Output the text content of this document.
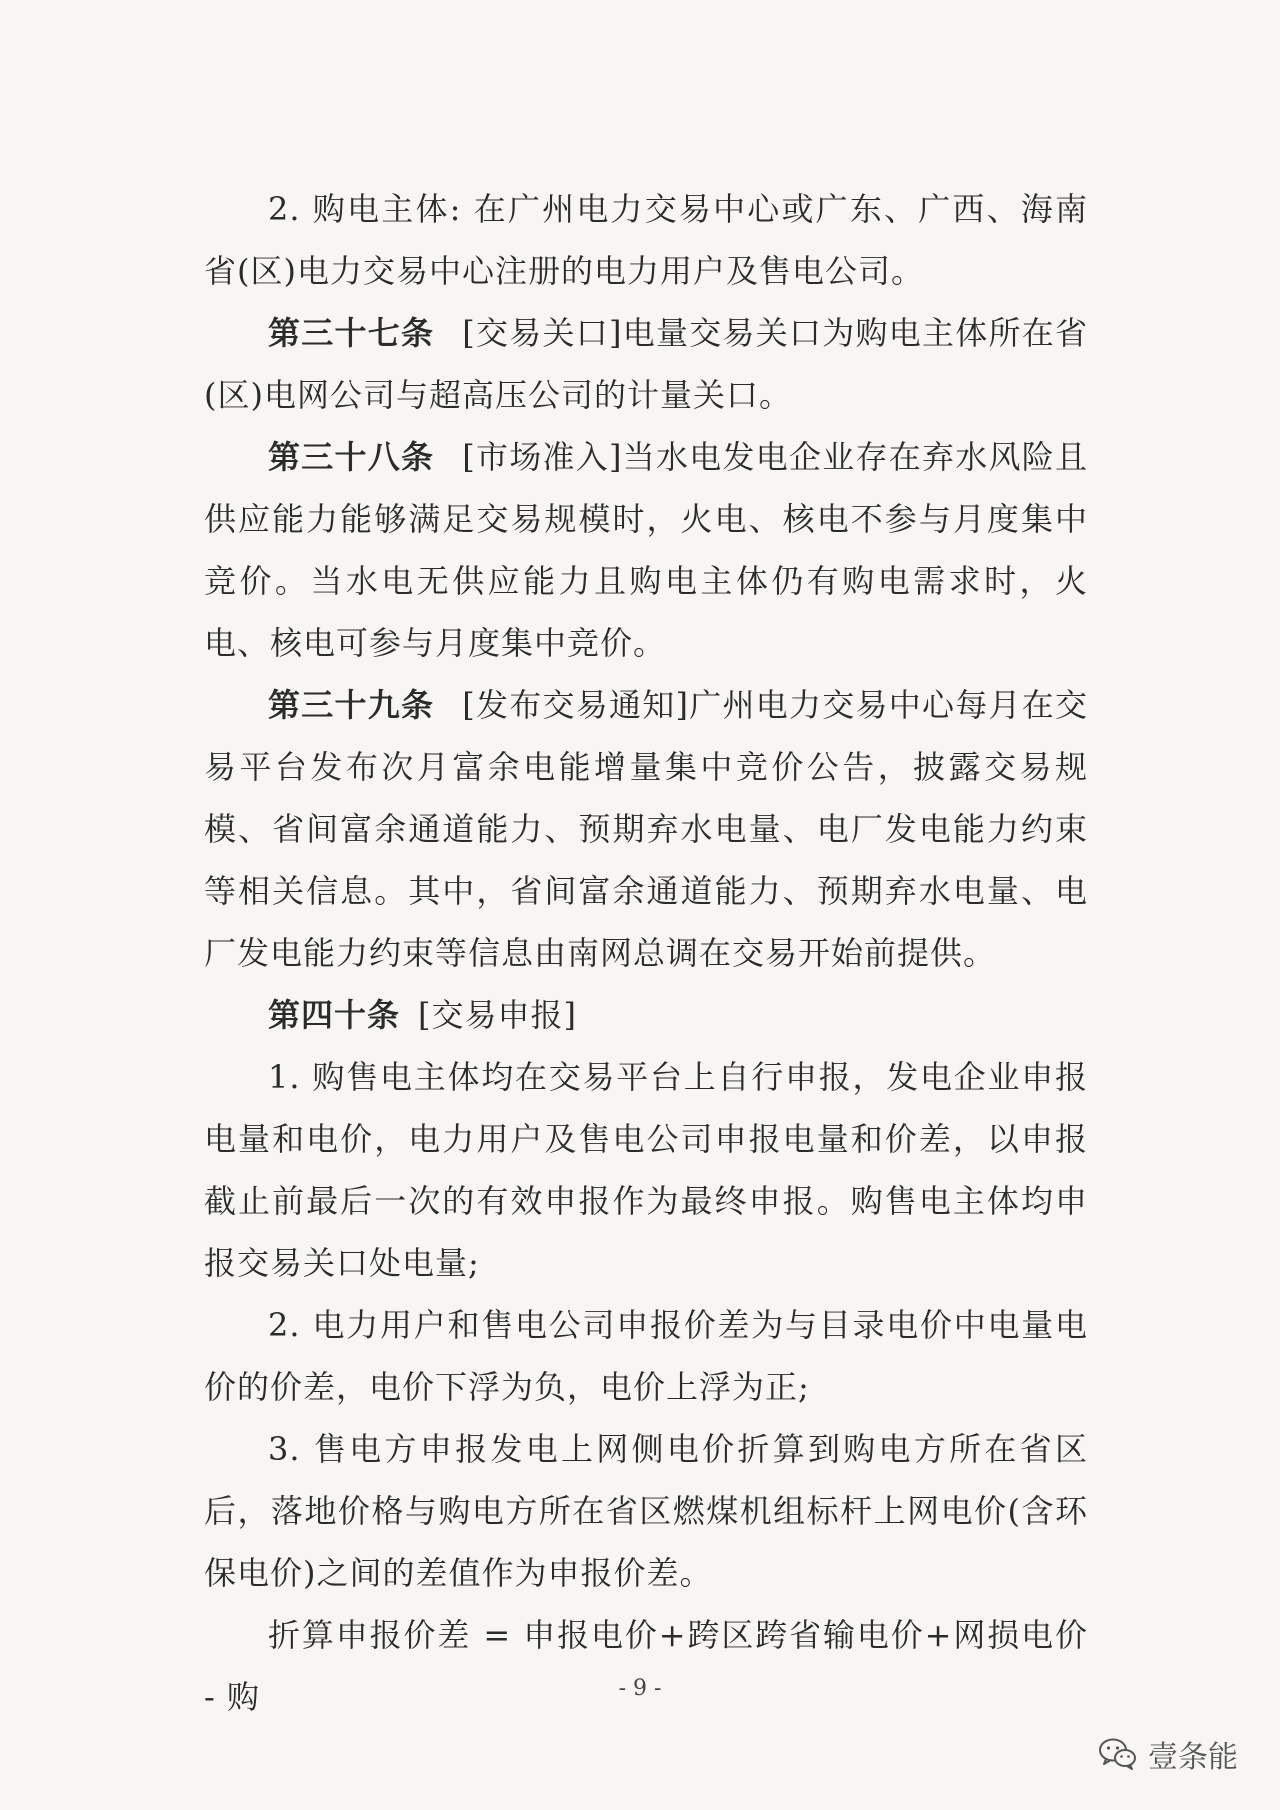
2. 购电主体: 在广州电力交易中心或广东、广西、海南省(区)电力交易中心注册的电力用户及售电公司。

第三十七条 [交易关口]电量交易关口为购电主体所在省(区)电网公司与超高压公司的计量关口。

第三十八条 [市场准入]当水电发电企业存在弃水风险且供应能力能够满足交易规模时，火电、核电不参与月度集中竞价。当水电无供应能力且购电主体仍有购电需求时，火电、核电可参与月度集中竞价。

第三十九条 [发布交易通知]广州电力交易中心每月在交易平台发布次月富余电能增量集中竞价公告，披露交易规模、省间富余通道能力、预期弃水电量、电厂发电能力约束等相关信息。其中，省间富余通道能力、预期弃水电量、电厂发电能力约束等信息由南网总调在交易开始前提供。

第四十条 [交易申报]

1. 购售电主体均在交易平台上自行申报，发电企业申报电量和电价，电力用户及售电公司申报电量和价差，以申报截止前最后一次的有效申报作为最终申报。购售电主体均申报交易关口处电量;

2. 电力用户和售电公司申报价差为与目录电价中电量电价的价差，电价下浮为负，电价上浮为正;

3. 售电方申报发电上网侧电价折算到购电方所在省区后，落地价格与购电方所在省区燃煤机组标杆上网电价(含环保电价)之间的差值作为申报价差。

折算申报价差 = 申报电价+跨区跨省输电价+网损电价 - 购	- 9 -
壹条能
